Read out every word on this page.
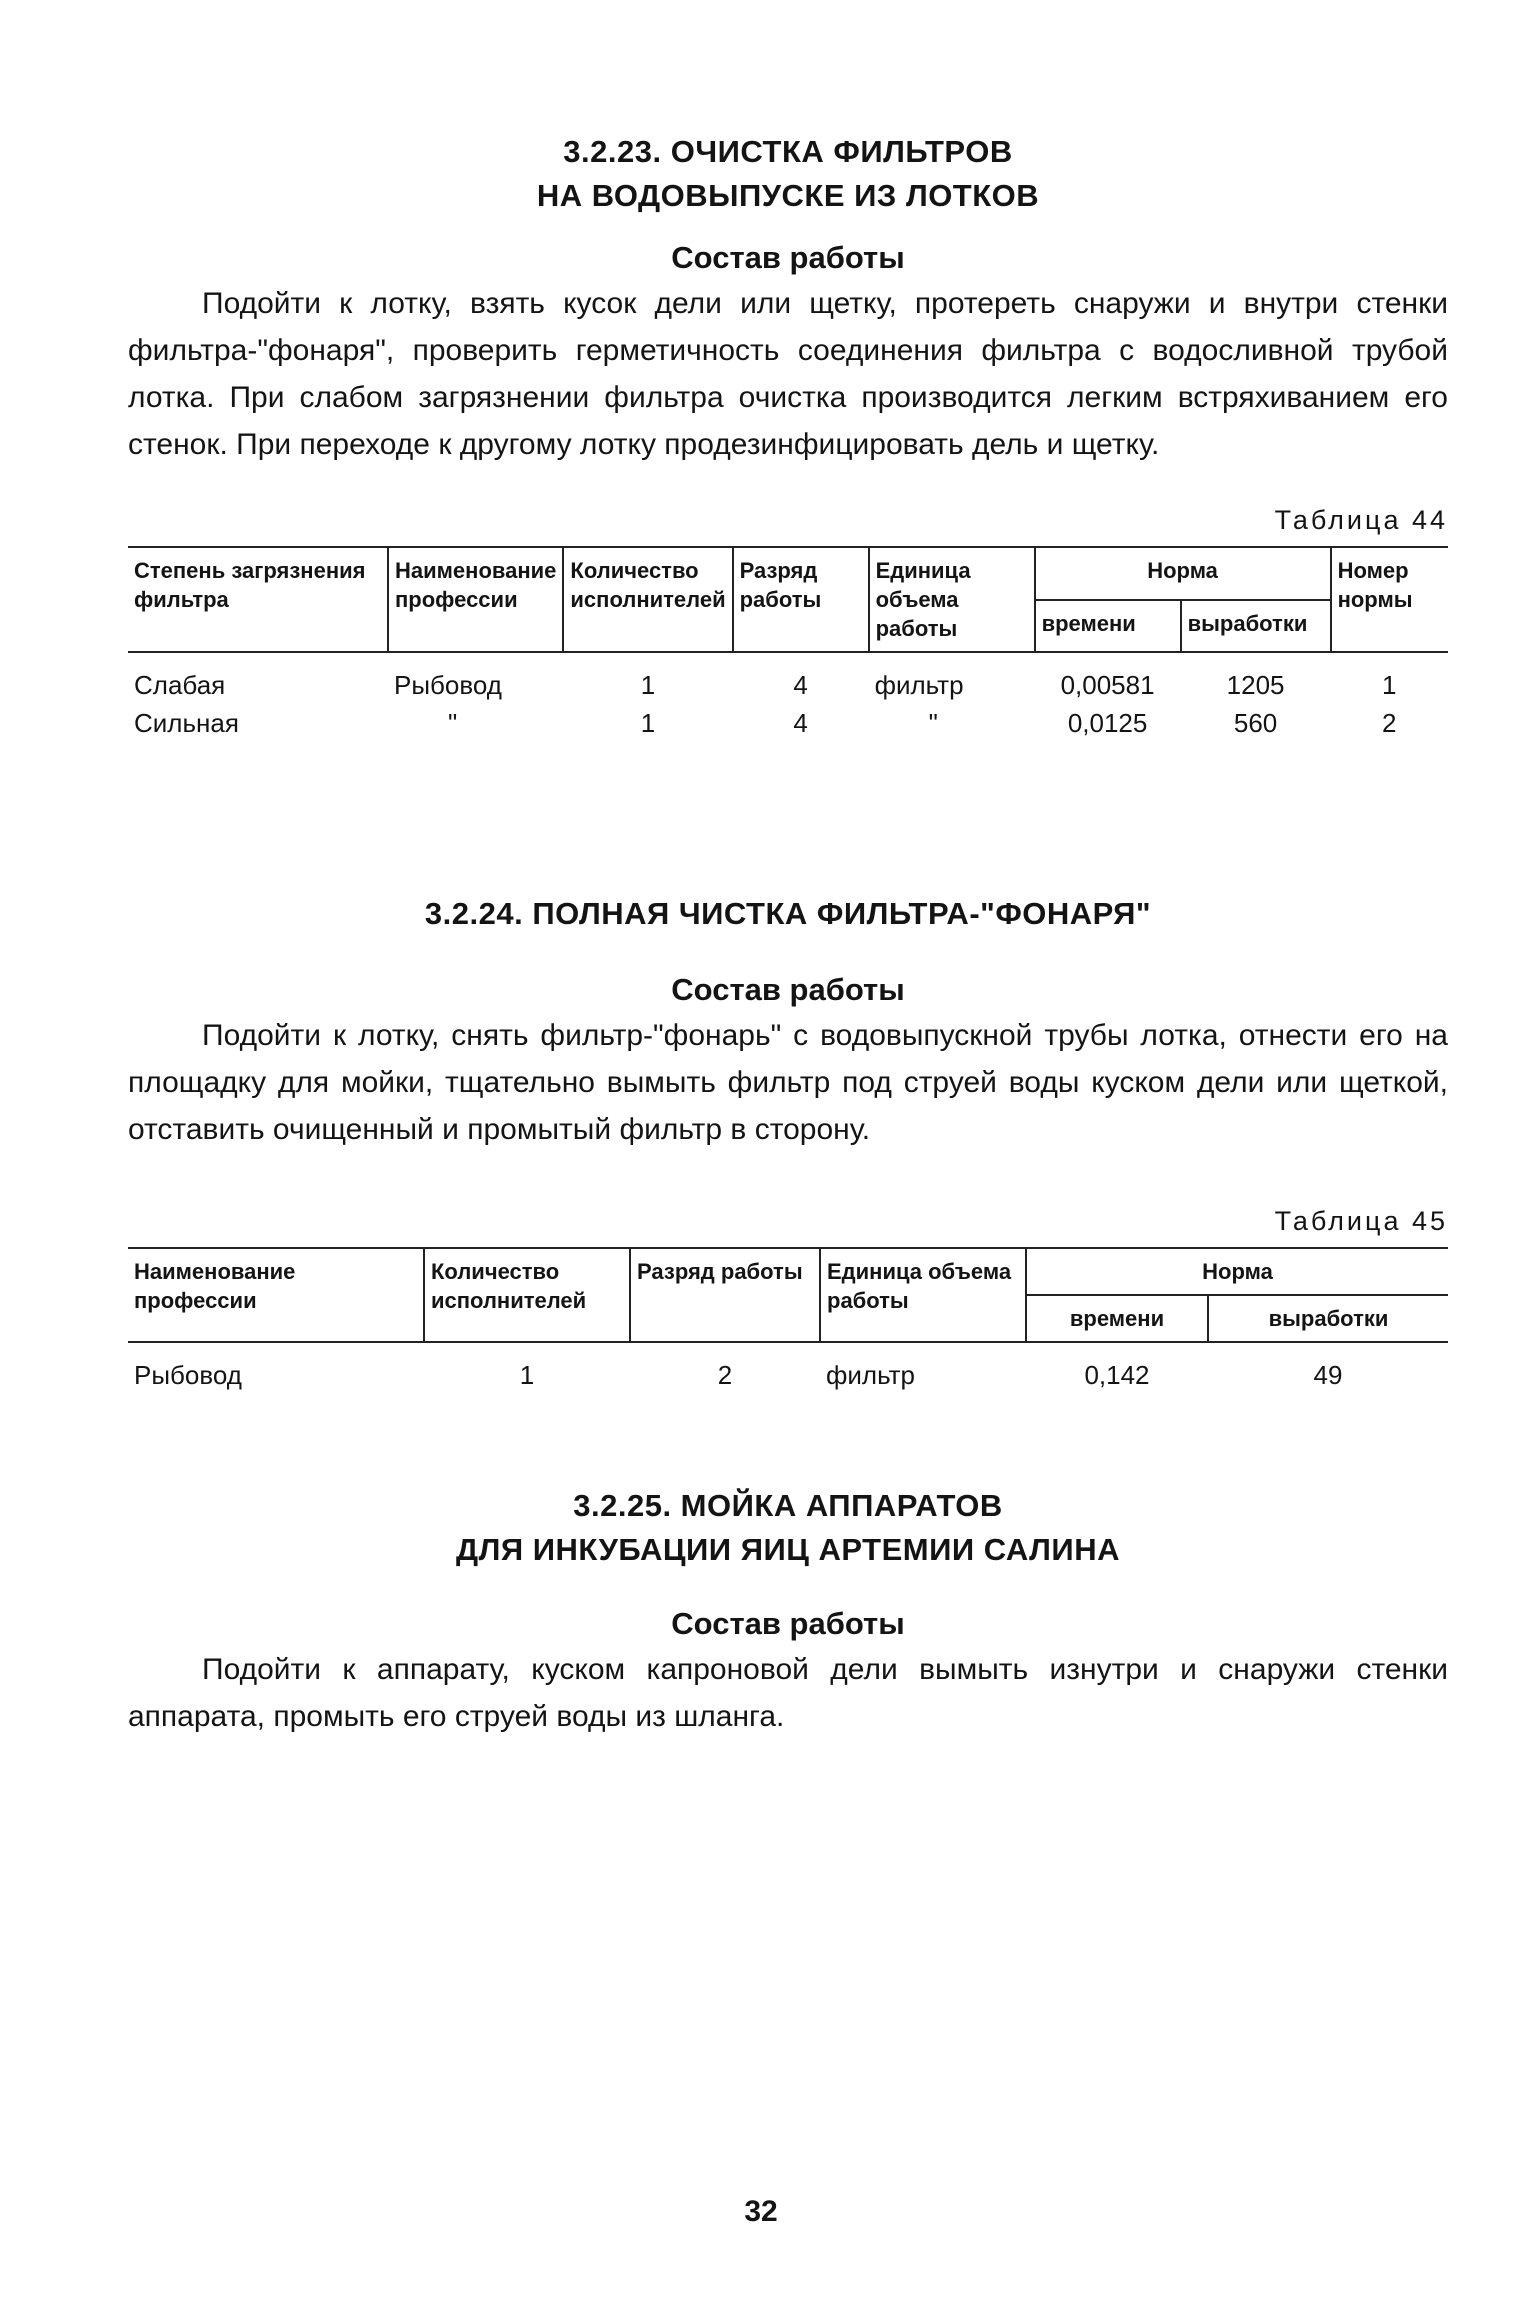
3.2.23. ОЧИСТКА ФИЛЬТРОВ
НА ВОДОВЫПУСКЕ ИЗ ЛОТКОВ

Состав работы

Подойти к лотку, взять кусок дели или щетку, протереть снаружи и внутри стенки фильтра-"фонаря", проверить герметичность соединения фильтра с водосливной трубой лотка. При слабом загрязнении фильтра очистка производится легким встряхиванием его стенок. При переходе к другому лотку продезинфицировать дель и щетку.

Таблица 44

Степень загрязнения фильтра	Наименование профессии	Количество исполнителей	Разряд работы	Единица объема работы	Норма		Номер нормы
					времени	выработки	

Слабая	Рыбовод	1	4	фильтр	0,00581	1205	1
Сильная	"	1	4	"	0,0125	560	2
3.2.24. ПОЛНАЯ ЧИСТКА ФИЛЬТРА-"ФОНАРЯ"

Состав работы

Подойти к лотку, снять фильтр-"фонарь" с водовыпускной трубы лотка, отнести его на площадку для мойки, тщательно вымыть фильтр под струей воды куском дели или щеткой, отставить очищенный и промытый фильтр в сторону.

Таблица 45

Наименование профессии	Количество исполнителей	Разряд работы	Единица объема работы	Норма	
				времени	выработки

Рыбовод	1	2	фильтр	0,142	49
3.2.25. МОЙКА АППАРАТОВ
ДЛЯ ИНКУБАЦИИ ЯИЦ АРТЕМИИ САЛИНА

Состав работы

Подойти к аппарату, куском капроновой дели вымыть изнутри и снаружи стенки аппарата, промыть его струей воды из шланга.

32
